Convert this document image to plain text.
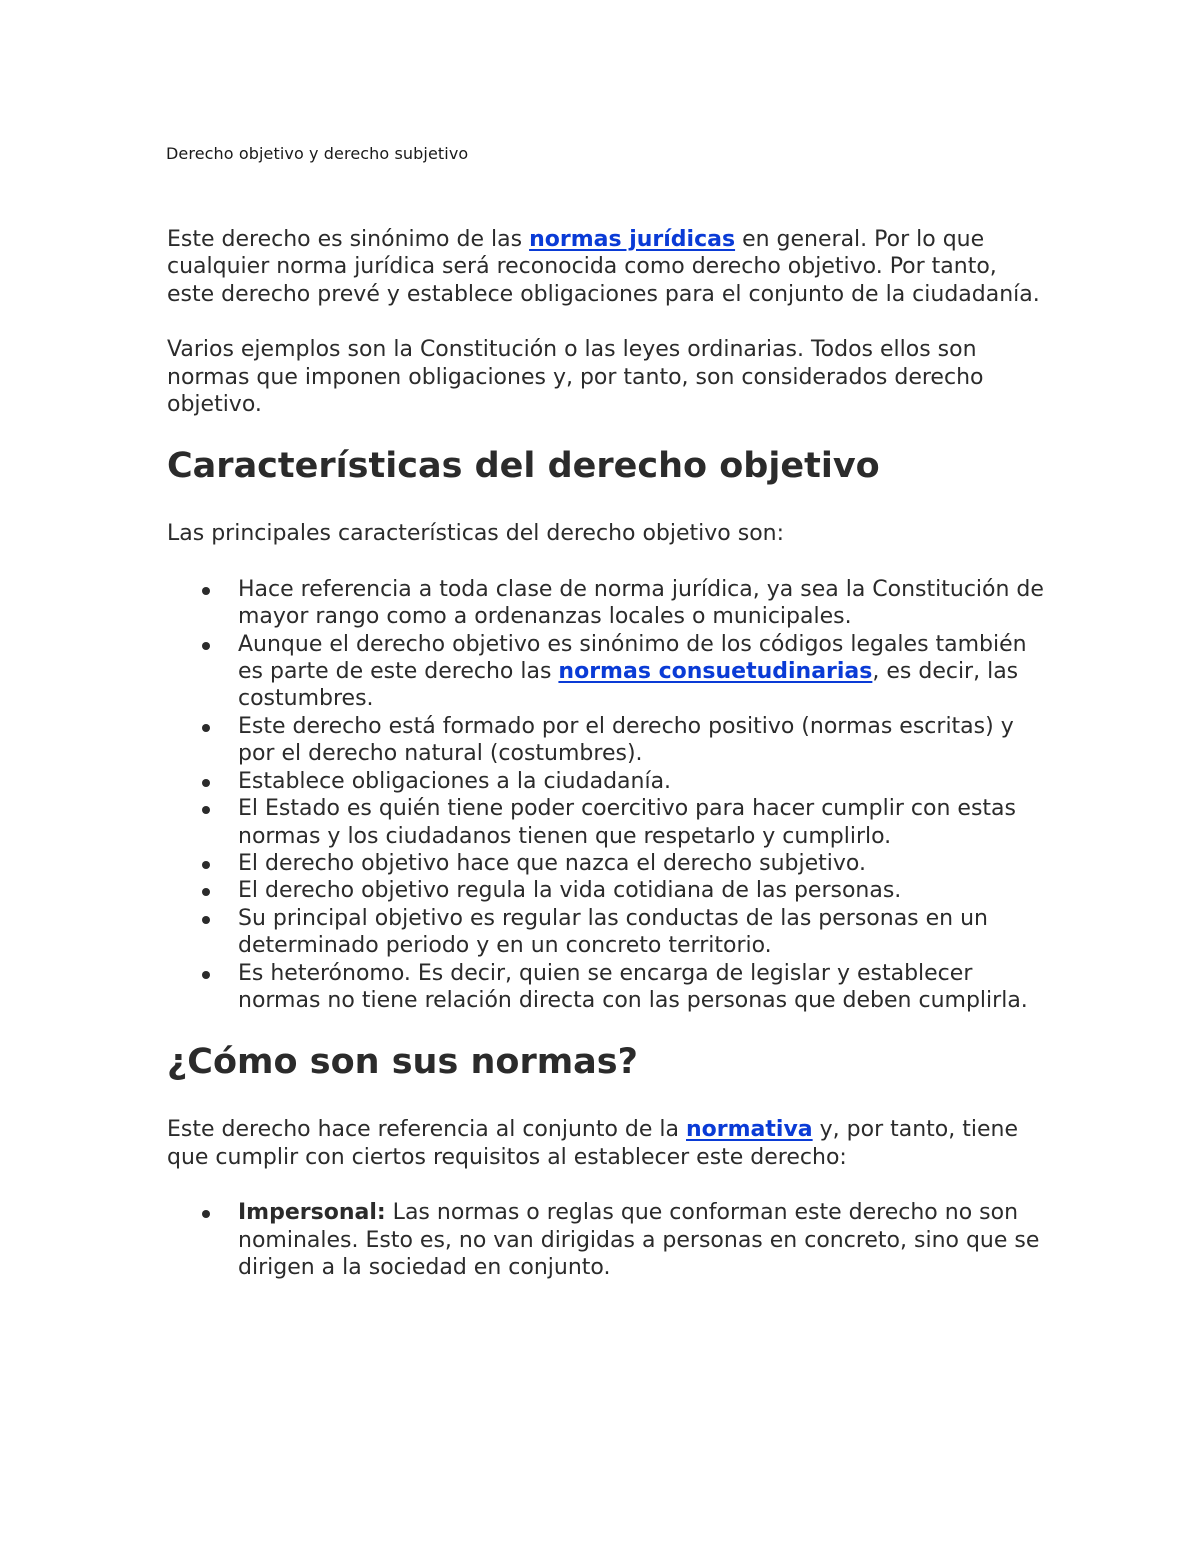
Derecho objetivo y derecho subjetivo

Este derecho es sinónimo de las normas jurídicas en general. Por lo que cualquier norma jurídica será reconocida como derecho objetivo. Por tanto, este derecho prevé y establece obligaciones para el conjunto de la ciudadanía.

Varios ejemplos son la Constitución o las leyes ordinarias. Todos ellos son normas que imponen obligaciones y, por tanto, son considerados derecho objetivo.

Características del derecho objetivo

Las principales características del derecho objetivo son:

Hace referencia a toda clase de norma jurídica, ya sea la Constitución de mayor rango como a ordenanzas locales o municipales.
Aunque el derecho objetivo es sinónimo de los códigos legales también es parte de este derecho las normas consuetudinarias, es decir, las costumbres.
Este derecho está formado por el derecho positivo (normas escritas) y por el derecho natural (costumbres).
Establece obligaciones a la ciudadanía.
El Estado es quién tiene poder coercitivo para hacer cumplir con estas normas y los ciudadanos tienen que respetarlo y cumplirlo.
El derecho objetivo hace que nazca el derecho subjetivo.
El derecho objetivo regula la vida cotidiana de las personas.
Su principal objetivo es regular las conductas de las personas en un determinado periodo y en un concreto territorio.
Es heterónomo. Es decir, quien se encarga de legislar y establecer normas no tiene relación directa con las personas que deben cumplirla.
¿Cómo son sus normas?

Este derecho hace referencia al conjunto de la normativa y, por tanto, tiene que cumplir con ciertos requisitos al establecer este derecho:

Impersonal: Las normas o reglas que conforman este derecho no son nominales. Esto es, no van dirigidas a personas en concreto, sino que se dirigen a la sociedad en conjunto.
